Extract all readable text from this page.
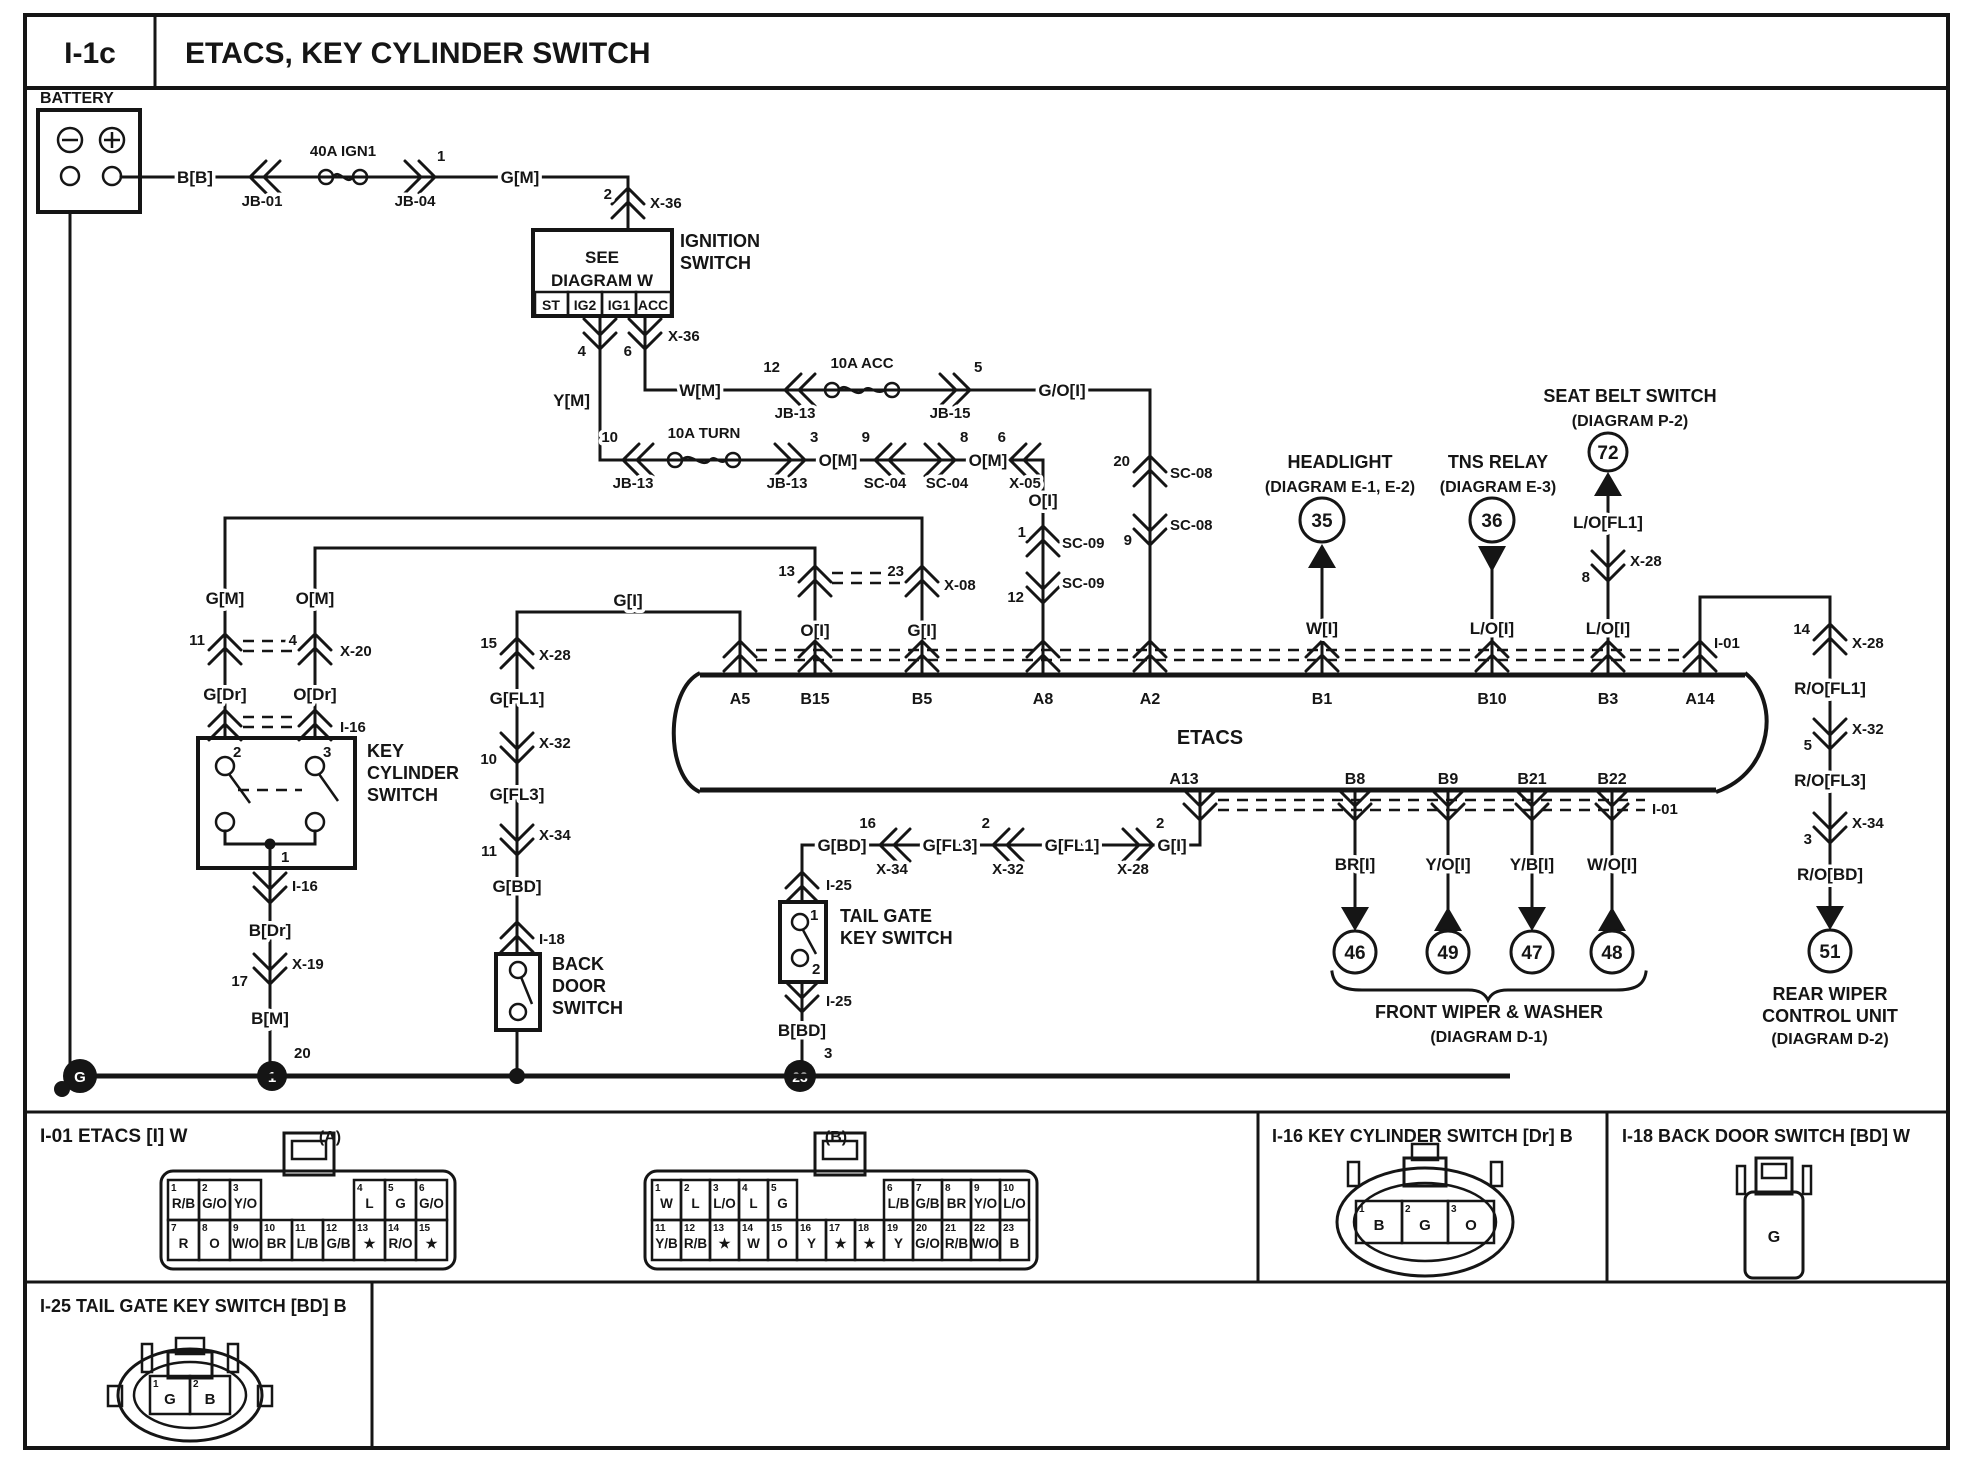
I-1c ETACS, KEY CYLINDER SWITCH
BATTERY
B[B]
JB-01
40A IGN1	1
JB-04
G[M]
2
X-36
SEE
DIAGRAM W
ST IG2 IG1 ACC
IGNITION
SWITCH
4	6
X-36
Y[M]
W[M]
12
JB-13
10A ACC	5
JB-15
G/O[I]
20
SC-08
9
SC-08
10
JB-13
10A TURN	3
JB-13
O[M]
9
SC-04
8
SC-04
O[M]
6
X-05
O[I]
1
SC-09
12
SC-09
G[M]	O[M]
11	4
X-20
G[Dr]	O[Dr]
I-16
2	3
1
KEY
CYLINDER
SWITCH
I-16
B[Dr]
17
X-19
B[M]
1
20
13	23
X-08
O[I]	G[I]
G[I]
15
X-28
G[FL1]
10
X-32
G[FL3]
11
X-34
G[BD]
I-18
BACK
DOOR
SWITCH
ETACS
A5	B15	B5	A8	A2	B1	B10	B3	A14
A13	B8	B9	B21	B22
I-01
I-01
35
HEADLIGHT
(DIAGRAM E-1, E-2)
W[I]
36
TNS RELAY
(DIAGRAM E-3)
L/O[I]
72
SEAT BELT SWITCH
(DIAGRAM P-2)
L/O[FL1]
8
X-28
L/O[I]	14
X-28
R/O[FL1]
5
X-32
R/O[FL3]
3
X-34
R/O[BD]
51
REAR WIPER
CONTROL UNIT
(DIAGRAM D-2)
G[I]
2
X-28
G[FL1]
2
X-32
G[FL3]
16
X-34
G[BD]
I-25
1
2
TAIL GATE
KEY SWITCH
I-25
B[BD]
23
3
BR[I]	Y/O[I] Y/B[I] W/O[I]
46	49	47	48
FRONT WIPER & WASHER
(DIAGRAM D-1)
G
I-01 ETACS [I] W	(A)
1
R/B
2
G/O
3
Y/O
4
L
5
G
6
G/O
7
R
8
O
9
W/O
10
BR
11
L/B
12
G/B
13
★
14
R/O
15
★
(B)
1
W
2
L
3
L/O
4
L
5
G
6
L/B
7
G/B
8
BR
9
Y/O
10
L/O
11
Y/B
12
R/B
13
★
14
W
15
O
16
Y
17
★
18
★
19
Y
20
G/O
21
R/B
22
W/O
23
B
I-16 KEY CYLINDER SWITCH [Dr] B
1
B
2
G
3
O
I-18 BACK DOOR SWITCH [BD] W
G
I-25 TAIL GATE KEY SWITCH [BD] B
1
G
2
B
